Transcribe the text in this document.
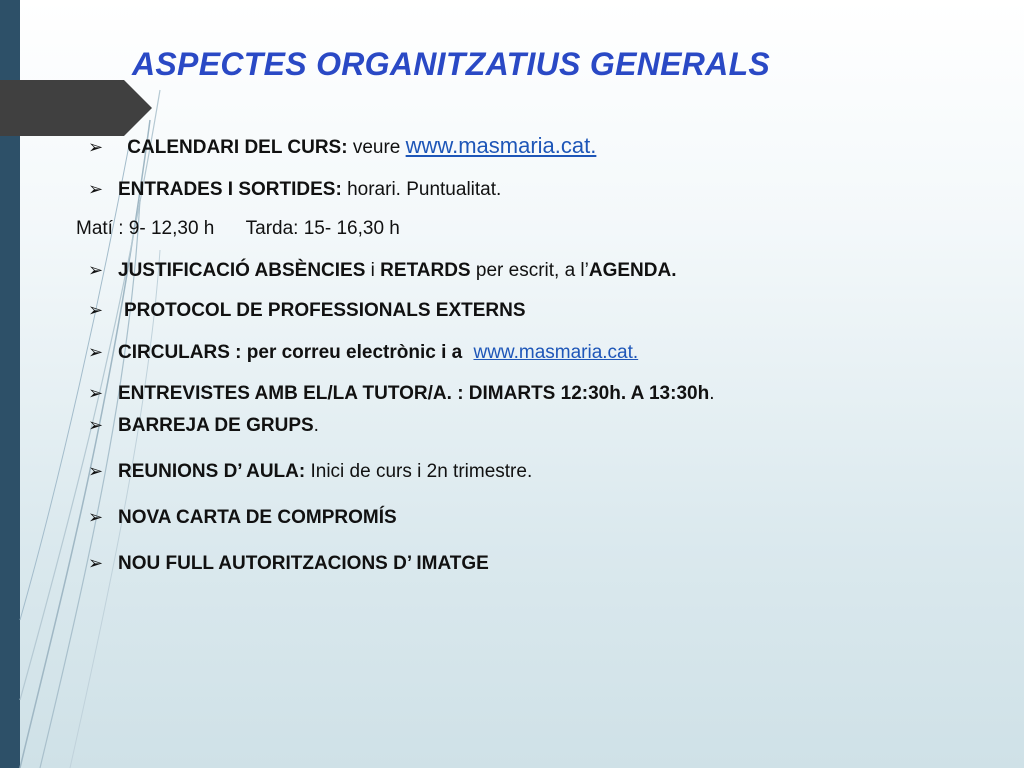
ASPECTES ORGANITZATIUS GENERALS
➢ CALENDARI DEL CURS: veure www.masmaria.cat.
➢ ENTRADES I SORTIDES: horari. Puntualitat.
Matí : 9- 12,30 h Tarda: 15- 16,30 h
➢ JUSTIFICACIÓ ABSÈNCIES i RETARDS per escrit, a l’AGENDA.
➢ PROTOCOL DE PROFESSIONALS EXTERNS
➢ CIRCULARS : per correu electrònic i a www.masmaria.cat.
➢ ENTREVISTES AMB EL/LA TUTOR/A. : DIMARTS 12:30h. A 13:30h.
➢ BARREJA DE GRUPS.
➢ REUNIONS D’ AULA: Inici de curs i 2n trimestre.
➢ NOVA CARTA DE COMPROMÍS
➢ NOU FULL AUTORITZACIONS D’ IMATGE
